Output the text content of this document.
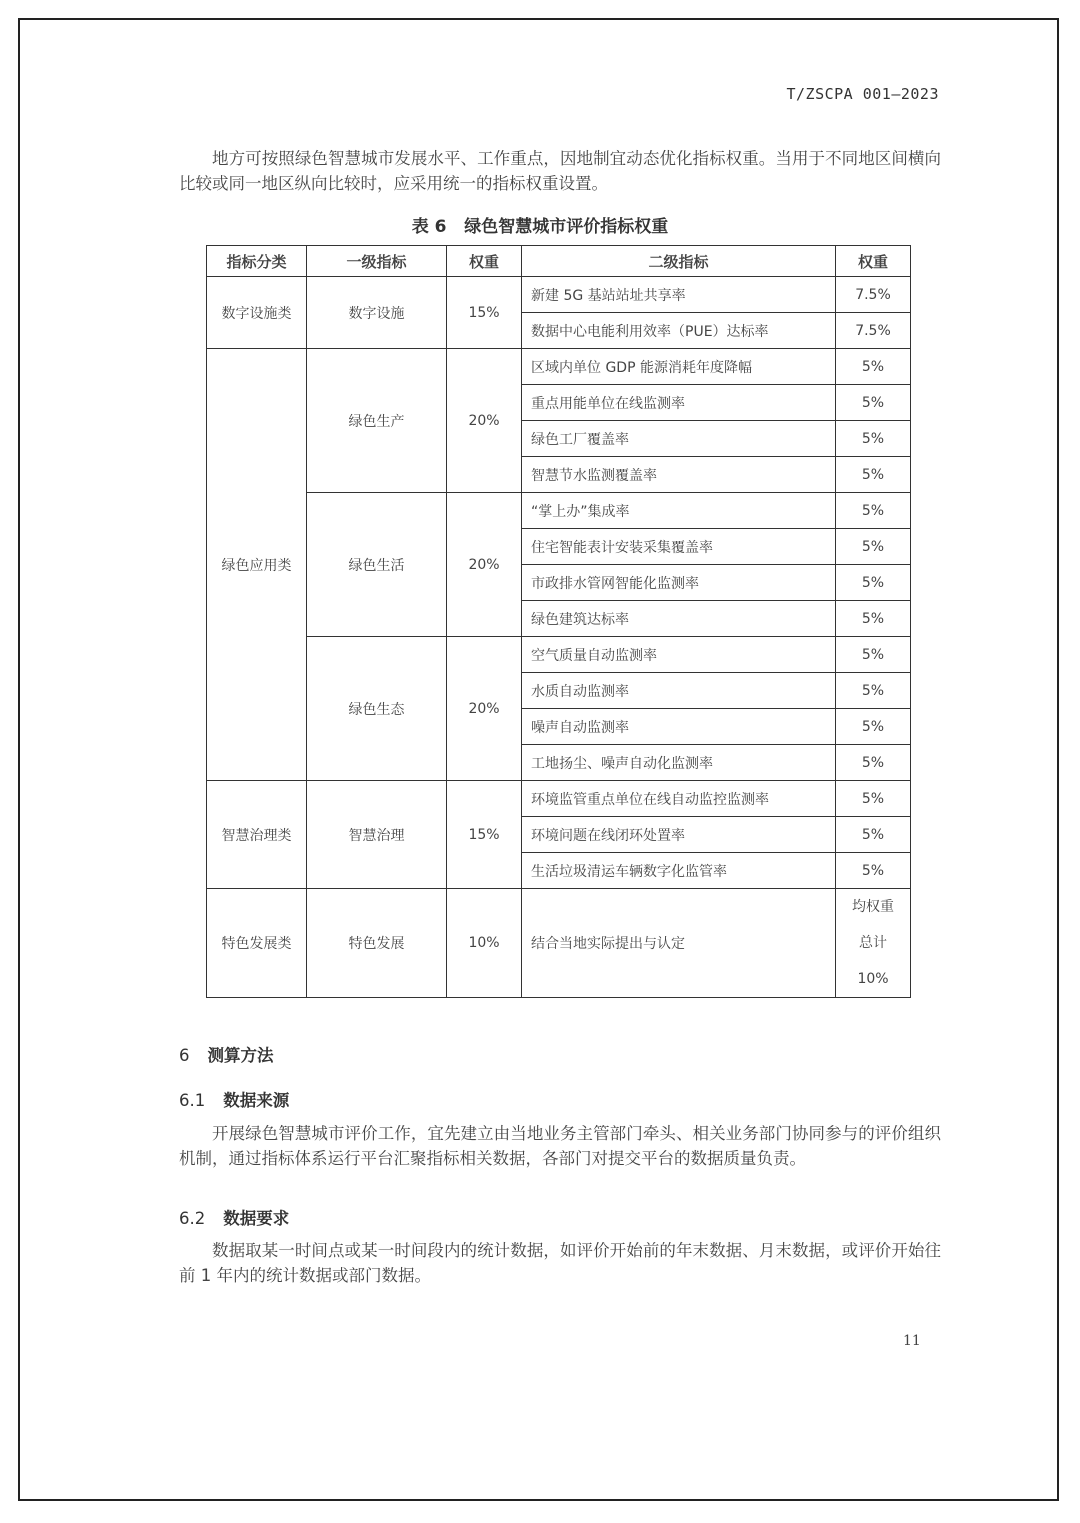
T/ZSCPA 001—2023

地方可按照绿色智慧城市发展水平、工作重点，因地制宜动态优化指标权重。当用于不同地区间横向比较或同一地区纵向比较时，应采用统一的指标权重设置。

表 6   绿色智慧城市评价指标权重
指标分类	一级指标	权重	二级指标	权重
数字设施类	数字设施	15%	新建 5G 基站站址共享率	7.5%
			数据中心电能利用效率（PUE）达标率	7.5%
绿色应用类	绿色生产	20%	区域内单位 GDP 能源消耗年度降幅	5%
			重点用能单位在线监测率	5%
			绿色工厂覆盖率	5%
			智慧节水监测覆盖率	5%
	绿色生活	20%	“掌上办”集成率	5%
			住宅智能表计安装采集覆盖率	5%
			市政排水管网智能化监测率	5%
			绿色建筑达标率	5%
	绿色生态	20%	空气质量自动监测率	5%
			水质自动监测率	5%
			噪声自动监测率	5%
			工地扬尘、噪声自动化监测率	5%
智慧治理类	智慧治理	15%	环境监管重点单位在线自动监控监测率	5%
			环境问题在线闭环处置率	5%
			生活垃圾清运车辆数字化监管率	5%
特色发展类	特色发展	10%	结合当地实际提出与认定	均权重
总计
10%
6 测算方法
6.1 数据来源

开展绿色智慧城市评价工作，宜先建立由当地业务主管部门牵头、相关业务部门协同参与的评价组织机制，通过指标体系运行平台汇聚指标相关数据，各部门对提交平台的数据质量负责。

6.2 数据要求

数据取某一时间点或某一时间段内的统计数据，如评价开始前的年末数据、月末数据，或评价开始往前 1 年内的统计数据或部门数据。

11
